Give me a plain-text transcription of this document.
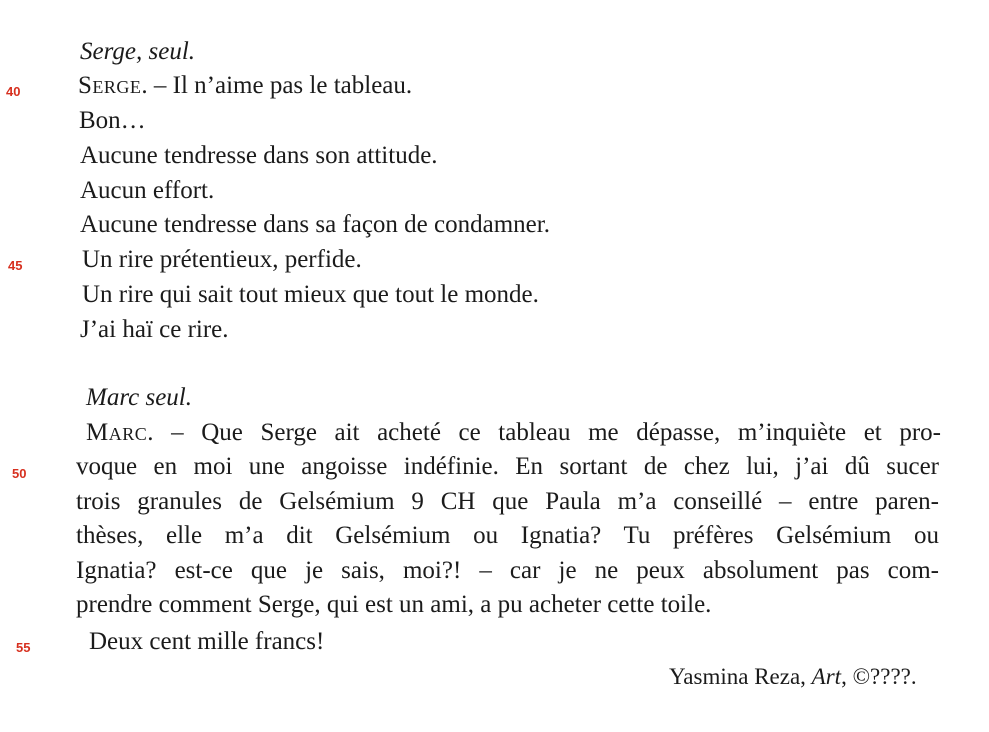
40
45
50
55
Serge, seul.
Serge. – Il n’aime pas le tableau.
Bon…
Aucune tendresse dans son attitude.
Aucun effort.
Aucune tendresse dans sa façon de condamner.
Un rire prétentieux, perfide.
Un rire qui sait tout mieux que tout le monde.
J’ai haï ce rire.
Marc seul.
Marc. – Que Serge ait acheté ce tableau me dépasse, m’inquiète et pro-
voque en moi une angoisse indéfinie. En sortant de chez lui, j’ai dû sucer
trois granules de Gelsémium 9 CH que Paula m’a conseillé – entre paren-
thèses, elle m’a dit Gelsémium ou Ignatia? Tu préfères Gelsémium ou
Ignatia? est-ce que je sais, moi?! – car je ne peux absolument pas com-
prendre comment Serge, qui est un ami, a pu acheter cette toile.
Deux cent mille francs!
Yasmina Reza, Art, ©????.
